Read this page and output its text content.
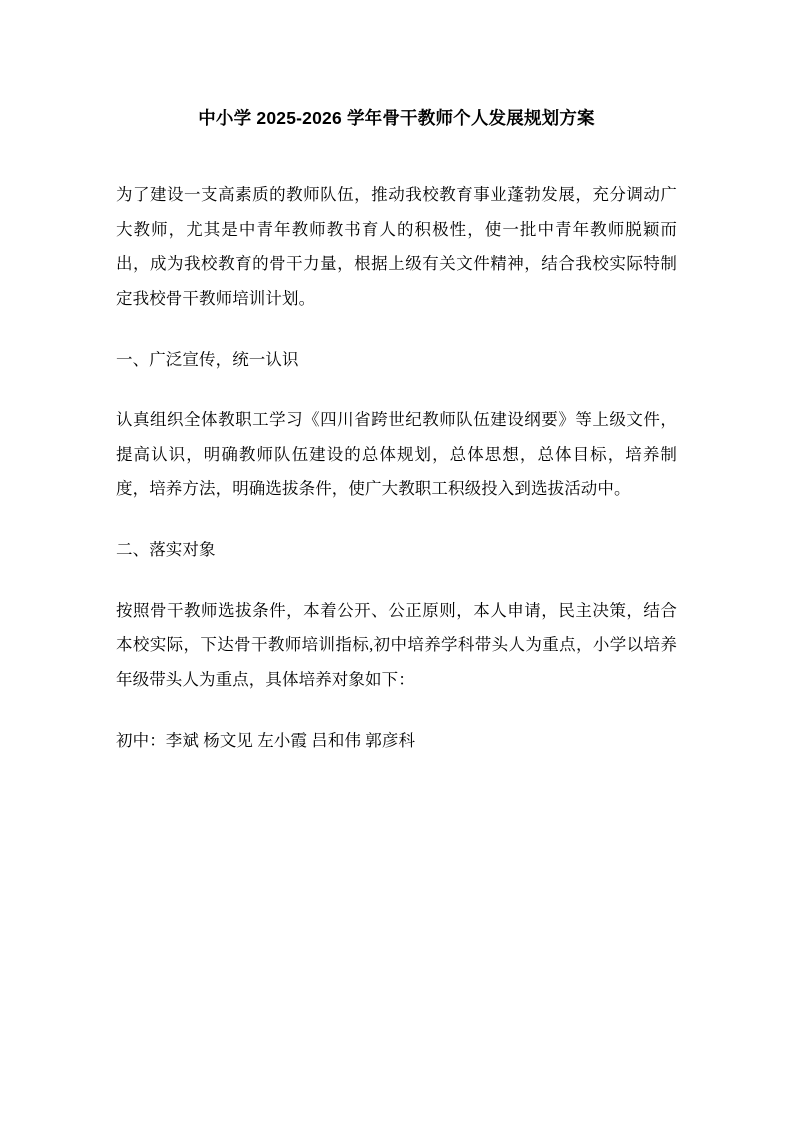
中小学 2025-2026 学年骨干教师个人发展规划方案

为了建设一支高素质的教师队伍，推动我校教育事业蓬勃发展，充分调动广大教师，尤其是中青年教师教书育人的积极性，使一批中青年教师脱颖而出，成为我校教育的骨干力量，根据上级有关文件精神，结合我校实际特制定我校骨干教师培训计划。

一、广泛宣传，统一认识

认真组织全体教职工学习《四川省跨世纪教师队伍建设纲要》等上级文件，提高认识，明确教师队伍建设的总体规划，总体思想，总体目标，培养制度，培养方法，明确选拔条件，使广大教职工积级投入到选拔活动中。

二、落实对象

按照骨干教师选拔条件，本着公开、公正原则，本人申请，民主决策，结合本校实际，下达骨干教师培训指标,初中培养学科带头人为重点，小学以培养年级带头人为重点，具体培养对象如下：

初中：李斌 杨文见 左小霞 吕和伟 郭彦科
